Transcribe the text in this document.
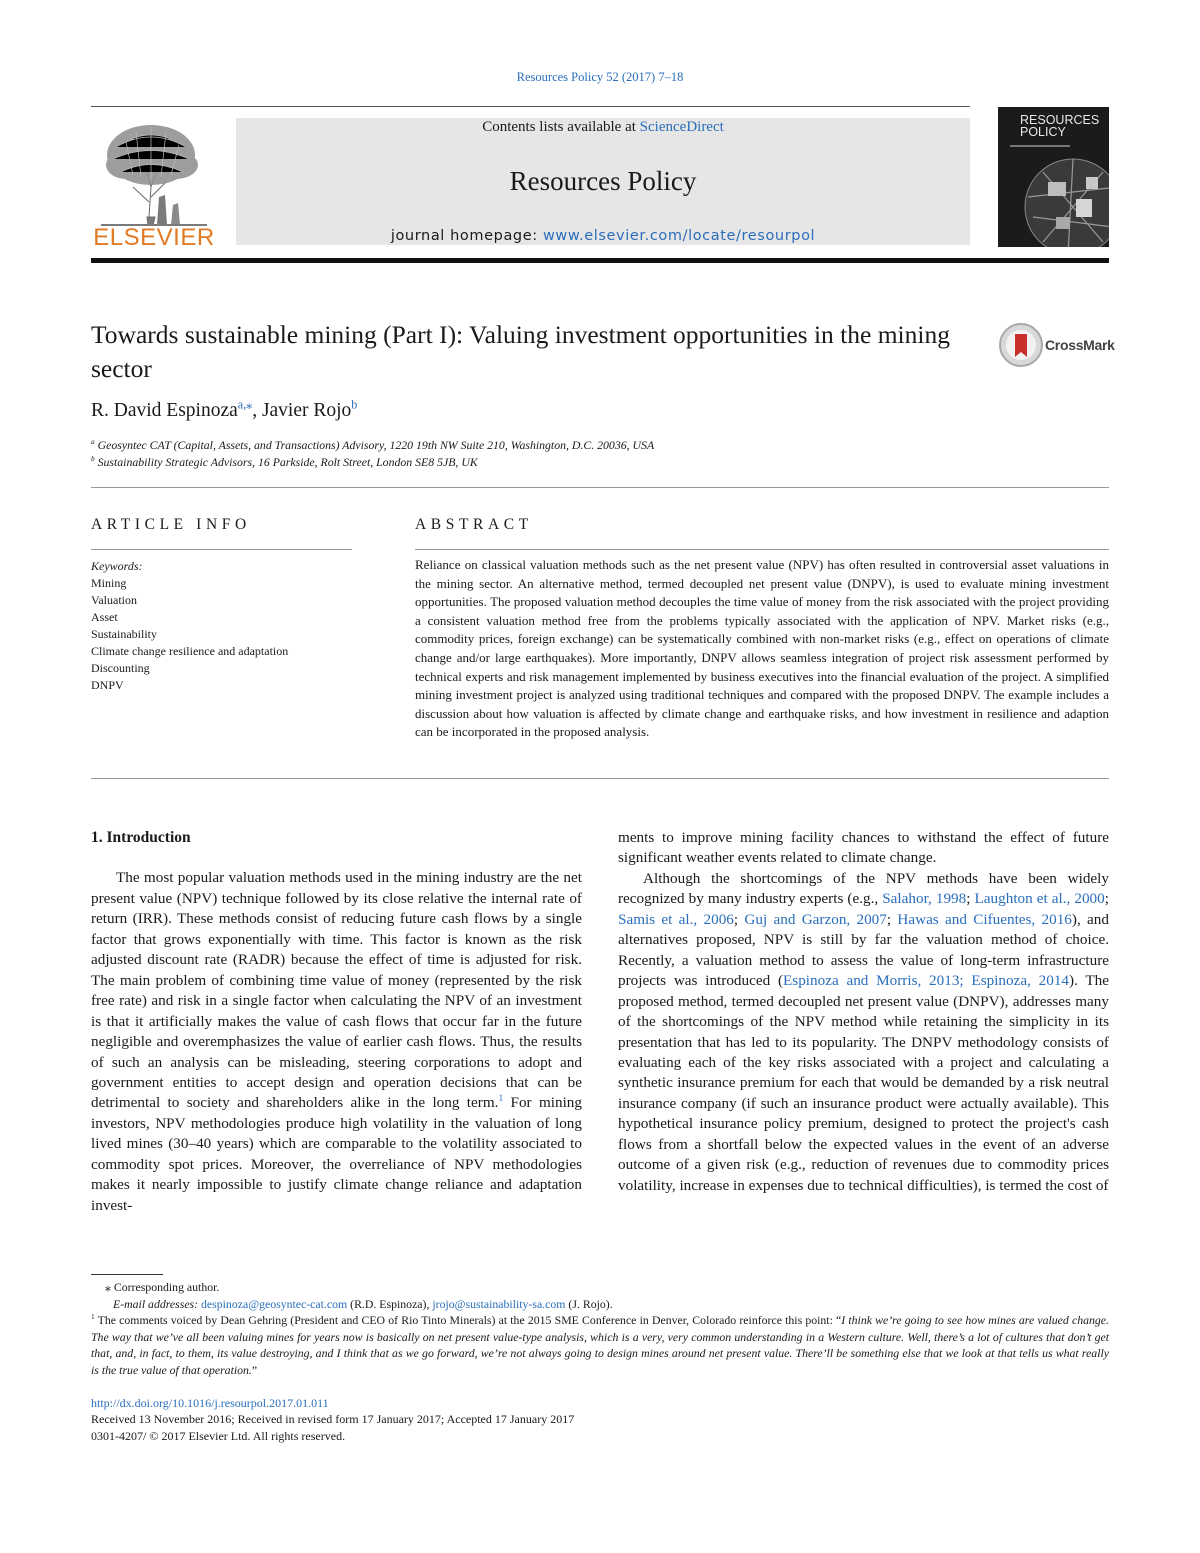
Resources Policy 52 (2017) 7–18
ELSEVIER
Contents lists available at ScienceDirect
Resources Policy
journal homepage: www.elsevier.com/locate/resourpol
RESOURCES
POLICY
Towards sustainable mining (Part I): Valuing investment opportunities in the mining sector
CrossMark
R. David Espinoza$^{a,⁎}$, Javier Rojo$^b$
$^a$ Geosyntec CAT (Capital, Assets, and Transactions) Advisory, 1220 19th NW Suite 210, Washington, D.C. 20036, USA
$^b$ Sustainability Strategic Advisors, 16 Parkside, Rolt Street, London SE8 5JB, UK
ARTICLE INFO
Keywords:
Mining
Valuation
Asset
Sustainability
Climate change resilience and adaptation
Discounting
DNPV
ABSTRACT
Reliance on classical valuation methods such as the net present value (NPV) has often resulted in controversial asset valuations in the mining sector. An alternative method, termed decoupled net present value (DNPV), is used to evaluate mining investment opportunities. The proposed valuation method decouples the time value of money from the risk associated with the project providing a consistent valuation method free from the problems typically associated with the application of NPV. Market risks (e.g., commodity prices, foreign exchange) can be systematically combined with non-market risks (e.g., effect on operations of climate change and/or large earthquakes). More importantly, DNPV allows seamless integration of project risk assessment performed by technical experts and risk management implemented by business executives into the financial evaluation of the project. A simplified mining investment project is analyzed using traditional techniques and compared with the proposed DNPV. The example includes a discussion about how valuation is affected by climate change and earthquake risks, and how investment in resilience and adaption can be incorporated in the proposed analysis.
1. Introduction

The most popular valuation methods used in the mining industry are the net present value (NPV) technique followed by its close relative the internal rate of return (IRR). These methods consist of reducing future cash flows by a single factor that grows exponentially with time. This factor is known as the risk adjusted discount rate (RADR) because the effect of time is adjusted for risk. The main problem of combining time value of money (represented by the risk free rate) and risk in a single factor when calculating the NPV of an investment is that it artificially makes the value of cash flows that occur far in the future negligible and overemphasizes the value of earlier cash flows. Thus, the results of such an analysis can be misleading, steering corporations to adopt and government entities to accept design and operation decisions that can be detrimental to society and shareholders alike in the long term.$^1$ For mining investors, NPV methodologies produce high volatility in the valuation of long lived mines (30–40 years) which are comparable to the volatility associated to commodity spot prices. Moreover, the overreliance of NPV methodologies makes it nearly impossible to justify climate change reliance and adaptation invest-

ments to improve mining facility chances to withstand the effect of future significant weather events related to climate change.

Although the shortcomings of the NPV methods have been widely recognized by many industry experts (e.g., Salahor, 1998; Laughton et al., 2000; Samis et al., 2006; Guj and Garzon, 2007; Hawas and Cifuentes, 2016), and alternatives proposed, NPV is still by far the valuation method of choice. Recently, a valuation method to assess the value of long-term infrastructure projects was introduced (Espinoza and Morris, 2013; Espinoza, 2014). The proposed method, termed decoupled net present value (DNPV), addresses many of the shortcomings of the NPV method while retaining the simplicity in its presentation that has led to its popularity. The DNPV methodology consists of evaluating each of the key risks associated with a project and calculating a synthetic insurance premium for each that would be demanded by a risk neutral insurance company (if such an insurance product were actually available). This hypothetical insurance policy premium, designed to protect the project's cash flows from a shortfall below the expected values in the event of an adverse outcome of a given risk (e.g., reduction of revenues due to commodity prices volatility, increase in expenses due to technical difficulties), is termed the cost of

⁎ Corresponding author.
E-mail addresses: despinoza@geosyntec-cat.com (R.D. Espinoza), jrojo@sustainability-sa.com (J. Rojo).
$^1$ The comments voiced by Dean Gehring (President and CEO of Rio Tinto Minerals) at the 2015 SME Conference in Denver, Colorado reinforce this point: “I think we’re going to see how mines are valued change. The way that we’ve all been valuing mines for years now is basically on net present value-type analysis, which is a very, very common understanding in a Western culture. Well, there’s a lot of cultures that don’t get that, and, in fact, to them, its value destroying, and I think that as we go forward, we’re not always going to design mines around net present value. There’ll be something else that we look at that tells us what really is the true value of that operation.”
http://dx.doi.org/10.1016/j.resourpol.2017.01.011
Received 13 November 2016; Received in revised form 17 January 2017; Accepted 17 January 2017
0301-4207/ © 2017 Elsevier Ltd. All rights reserved.
